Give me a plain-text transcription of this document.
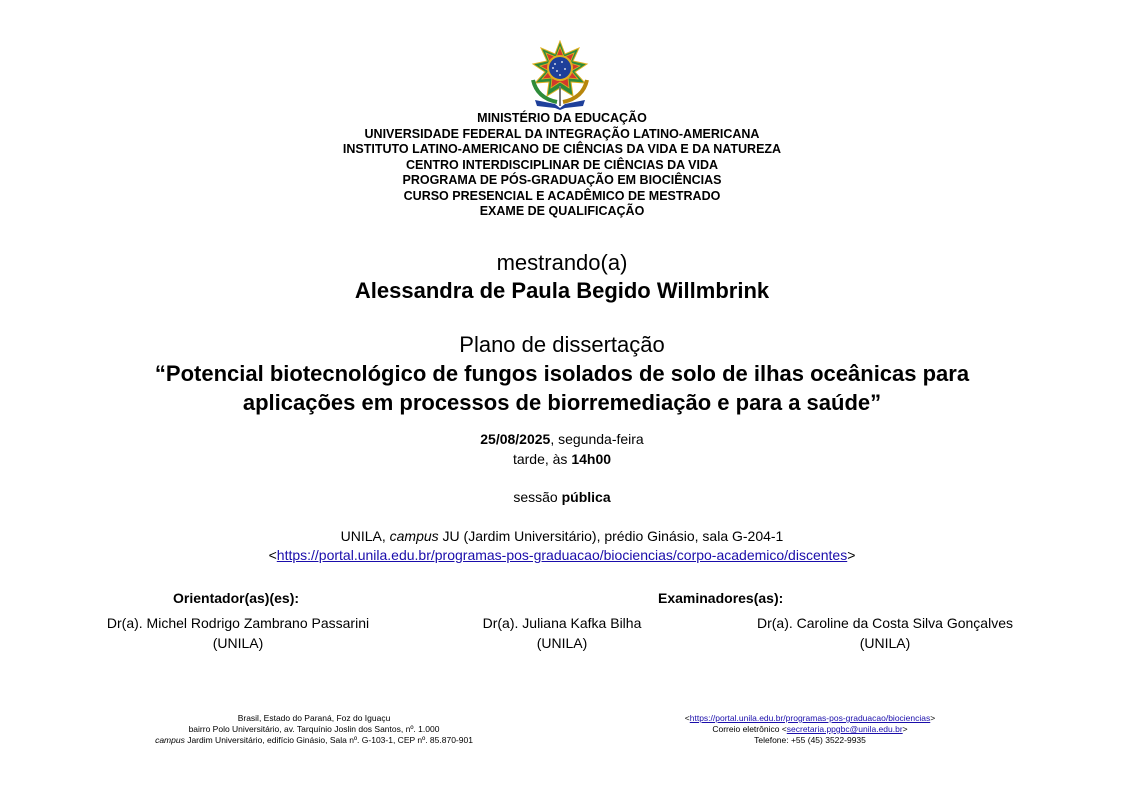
MINISTÉRIO DA EDUCAÇÃO
UNIVERSIDADE FEDERAL DA INTEGRAÇÃO LATINO-AMERICANA
INSTITUTO LATINO-AMERICANO DE CIÊNCIAS DA VIDA E DA NATUREZA
CENTRO INTERDISCIPLINAR DE CIÊNCIAS DA VIDA
PROGRAMA DE PÓS-GRADUAÇÃO EM BIOCIÊNCIAS
CURSO PRESENCIAL E ACADÊMICO DE MESTRADO
EXAME DE QUALIFICAÇÃO
mestrando(a)
Alessandra de Paula Begido Willmbrink
Plano de dissertação
“Potencial biotecnológico de fungos isolados de solo de ilhas oceânicas para
aplicações em processos de biorremediação e para a saúde”
25/08/2025, segunda-feira
tarde, às 14h00
sessão pública
UNILA, campus JU (Jardim Universitário), prédio Ginásio, sala G-204-1
<https://portal.unila.edu.br/programas-pos-graduacao/biociencias/corpo-academico/discentes>
Orientador(as)(es):	Examinadores(as):
Dr(a). Michel Rodrigo Zambrano Passarini
(UNILA)
Dr(a). Juliana Kafka Bilha
(UNILA)
Dr(a). Caroline da Costa Silva Gonçalves
(UNILA)
Brasil, Estado do Paraná, Foz do Iguaçu
bairro Polo Universitário, av. Tarquínio Joslin dos Santos, nº. 1.000
campus Jardim Universitário, edifício Ginásio, Sala nº. G-103-1, CEP nº. 85.870-901
<https://portal.unila.edu.br/programas-pos-graduacao/biociencias>
Correio eletrônico <secretaria.ppgbc@unila.edu.br>
Telefone: +55 (45) 3522-9935
